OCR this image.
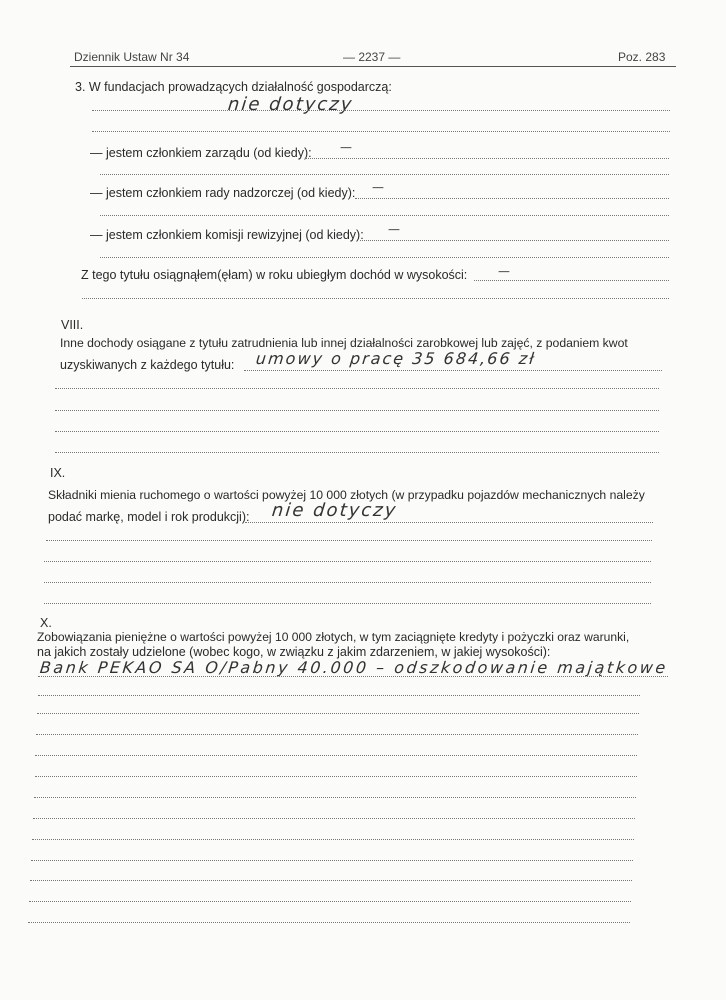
Dziennik Ustaw Nr 34	— 2237 —	Poz. 283
3. W fundacjach prowadzących działalność gospodarczą:
nie dotyczy
— jestem członkiem zarządu (od kiedy): —
— jestem członkiem rady nadzorczej (od kiedy): —
— jestem członkiem komisji rewizyjnej (od kiedy): —
Z tego tytułu osiągnąłem(ęłam) w roku ubiegłym dochód w wysokości: —
VIII.
Inne dochody osiągane z tytułu zatrudnienia lub innej działalności zarobkowej lub zajęć, z podaniem kwot
uzyskiwanych z każdego tytułu: umowy o pracę 35 684,66 zł
IX.
Składniki mienia ruchomego o wartości powyżej 10 000 złotych (w przypadku pojazdów mechanicznych należy
podać markę, model i rok produkcji): nie dotyczy
X.
Zobowiązania pieniężne o wartości powyżej 10 000 złotych, w tym zaciągnięte kredyty i pożyczki oraz warunki,
na jakich zostały udzielone (wobec kogo, w związku z jakim zdarzeniem, w jakiej wysokości):
Bank PEKAO SA O/Pabny 40.000 – odszkodowanie majątkowe
